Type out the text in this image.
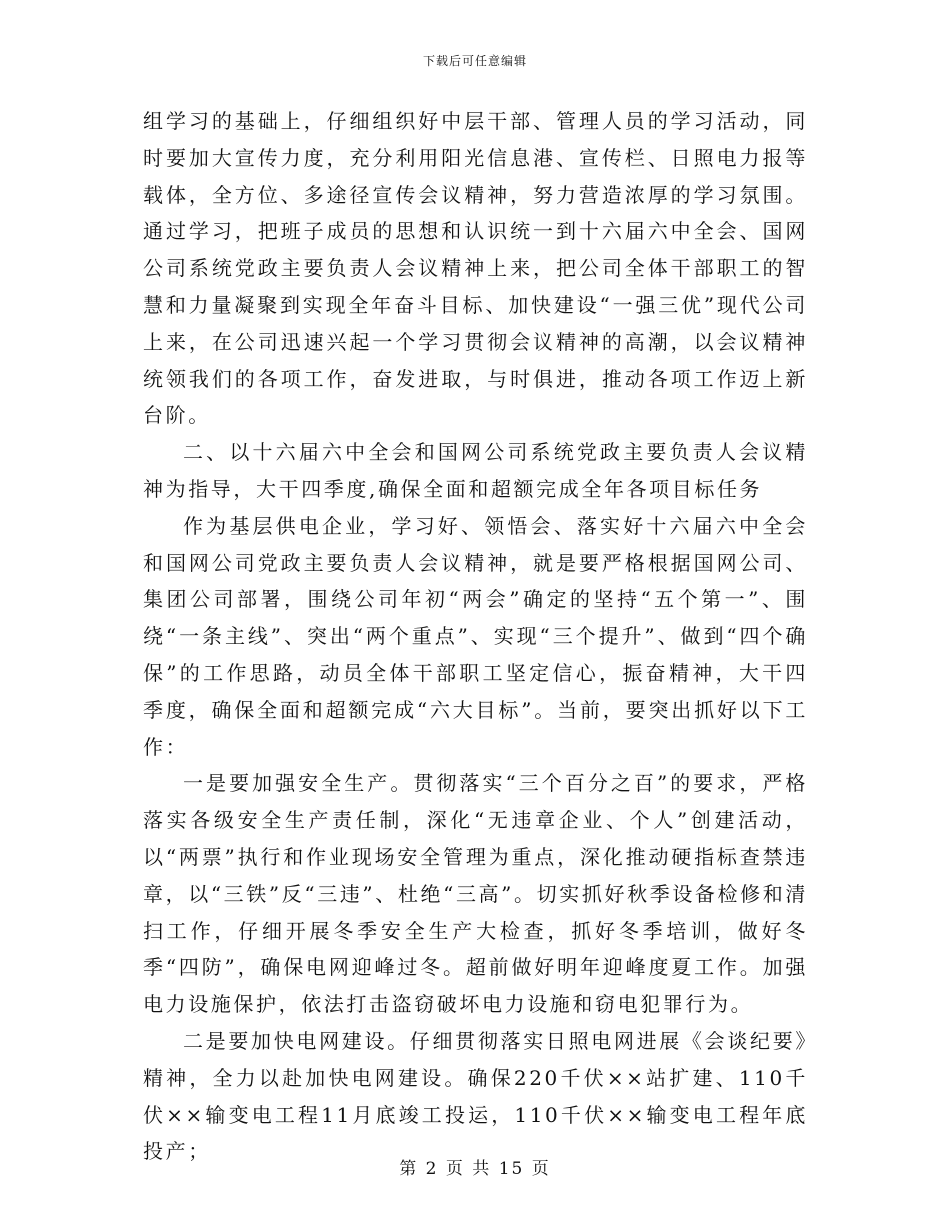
下载后可任意编辑

组学习的基础上，仔细组织好中层干部、管理人员的学习活动，同时要加大宣传力度，充分利用阳光信息港、宣传栏、日照电力报等载体，全方位、多途径宣传会议精神，努力营造浓厚的学习氛围。通过学习，把班子成员的思想和认识统一到十六届六中全会、国网公司系统党政主要负责人会议精神上来，把公司全体干部职工的智慧和力量凝聚到实现全年奋斗目标、加快建设“一强三优”现代公司上来，在公司迅速兴起一个学习贯彻会议精神的高潮，以会议精神统领我们的各项工作，奋发进取，与时俱进，推动各项工作迈上新台阶。

二、以十六届六中全会和国网公司系统党政主要负责人会议精神为指导，大干四季度,确保全面和超额完成全年各项目标任务

作为基层供电企业，学习好、领悟会、落实好十六届六中全会和国网公司党政主要负责人会议精神，就是要严格根据国网公司、集团公司部署，围绕公司年初“两会”确定的坚持“五个第一”、围绕“一条主线”、突出“两个重点”、实现“三个提升”、做到“四个确保”的工作思路，动员全体干部职工坚定信心，振奋精神，大干四季度，确保全面和超额完成“六大目标”。当前，要突出抓好以下工作：

一是要加强安全生产。贯彻落实“三个百分之百”的要求，严格落实各级安全生产责任制，深化“无违章企业、个人”创建活动，以“两票”执行和作业现场安全管理为重点，深化推动硬指标查禁违章，以“三铁”反“三违”、杜绝“三高”。切实抓好秋季设备检修和清扫工作，仔细开展冬季安全生产大检查，抓好冬季培训，做好冬季“四防”，确保电网迎峰过冬。超前做好明年迎峰度夏工作。加强电力设施保护，依法打击盗窃破坏电力设施和窃电犯罪行为。

二是要加快电网建设。仔细贯彻落实日照电网进展《会谈纪要》精神，全力以赴加快电网建设。确保220千伏××站扩建、110千伏××输变电工程11月底竣工投运，110千伏××输变电工程年底投产；

第 2 页 共 15 页
